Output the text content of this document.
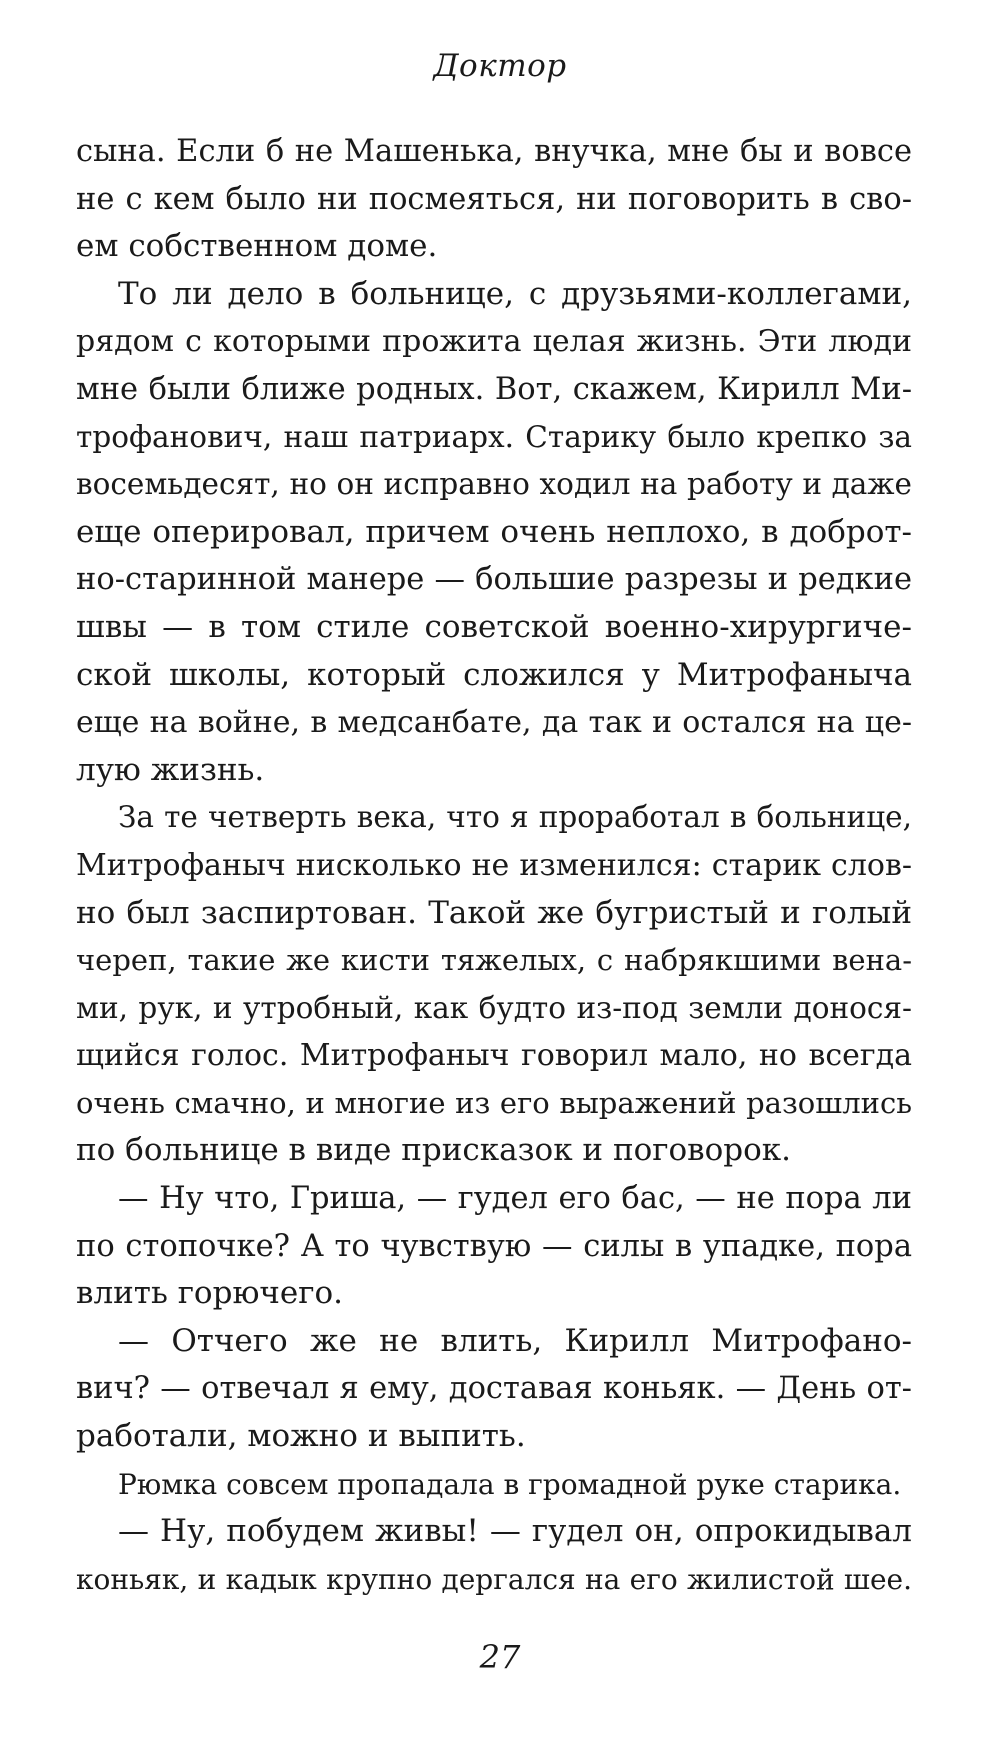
Доктор
сына. Если б не Машенька, внучка, мне бы и вовсе
не с кем было ни посмеяться, ни поговорить в сво-
ем собственном доме.
То ли дело в больнице, с друзьями-коллегами,
рядом с которыми прожита целая жизнь. Эти люди
мне были ближе родных. Вот, скажем, Кирилл Ми-
трофанович, наш патриарх. Старику было крепко за
восемьдесят, но он исправно ходил на работу и даже
еще оперировал, причем очень неплохо, в доброт-
но-старинной манере — большие разрезы и редкие
швы — в том стиле советской военно-хирургиче-
ской школы, который сложился у Митрофаныча
еще на войне, в медсанбате, да так и остался на це-
лую жизнь.
За те четверть века, что я проработал в больнице,
Митрофаныч нисколько не изменился: старик слов-
но был заспиртован. Такой же бугристый и голый
череп, такие же кисти тяжелых, с набрякшими вена-
ми, рук, и утробный, как будто из-под земли донося-
щийся голос. Митрофаныч говорил мало, но всегда
очень смачно, и многие из его выражений разошлись
по больнице в виде присказок и поговорок.
— Ну что, Гриша, — гудел его бас, — не пора ли
по стопочке? А то чувствую — силы в упадке, пора
влить горючего.
— Отчего же не влить, Кирилл Митрофано-
вич? — отвечал я ему, доставая коньяк. — День от-
работали, можно и выпить.
Рюмка совсем пропадала в громадной руке старика.
— Ну, побудем живы! — гудел он, опрокидывал
коньяк, и кадык крупно дергался на его жилистой шее.
27
